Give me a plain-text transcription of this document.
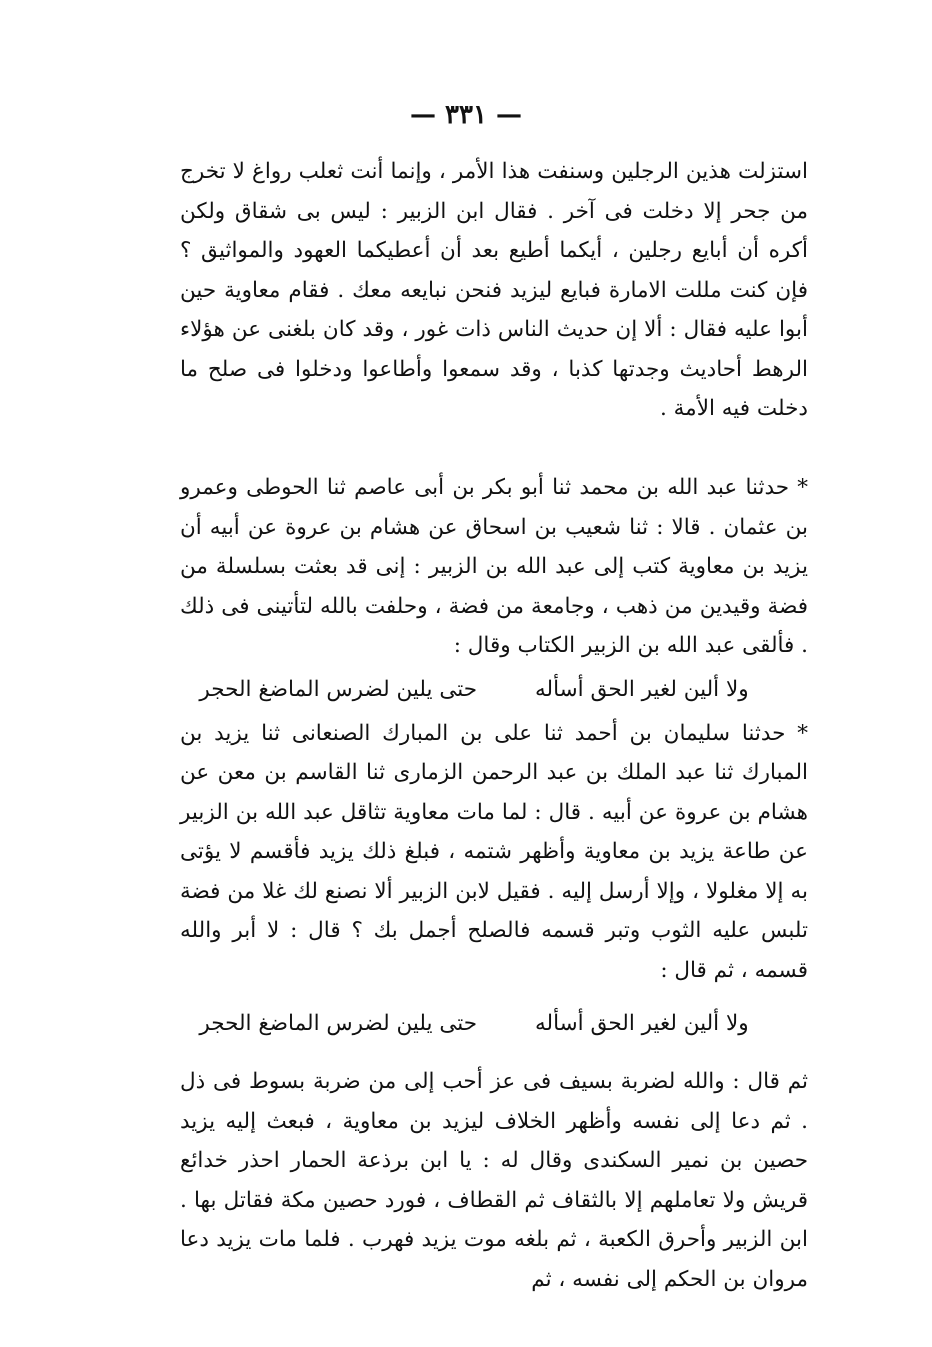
— ٣٣١ —

استزلت هذين الرجلين وسنفت هذا الأمر ، وإنما أنت ثعلب رواغ لا تخرج من جحر إلا دخلت فى آخر . فقال ابن الزبير : ليس بى شقاق ولكن أكره أن أبايع رجلين ، أيكما أطيع بعد أن أعطيكما العهود والمواثيق ؟ فإن كنت مللت الامارة فبايع ليزيد فنحن نبايعه معك . فقام معاوية حين أبوا عليه فقال : ألا إن حديث الناس ذات غور ، وقد كان بلغنى عن هؤلاء الرهط أحاديث وجدتها كذبا ، وقد سمعوا وأطاعوا ودخلوا فى صلح ما دخلت فيه الأمة .

* حدثنا عبد الله بن محمد ثنا أبو بكر بن أبى عاصم ثنا الحوطى وعمرو بن عثمان . قالا : ثنا شعيب بن اسحاق عن هشام بن عروة عن أبيه أن يزيد بن معاوية كتب إلى عبد الله بن الزبير : إنى قد بعثت بسلسلة من فضة وقيدين من ذهب ، وجامعة من فضة ، وحلفت بالله لتأتينى فى ذلك . فألقى عبد الله بن الزبير الكتاب وقال :

ولا ألين لغير الحق أسأله
حتى يلين لضرس الماضغ الحجر

* حدثنا سليمان بن أحمد ثنا على بن المبارك الصنعانى ثنا يزيد بن المبارك ثنا عبد الملك بن عبد الرحمن الزمارى ثنا القاسم بن معن عن هشام بن عروة عن أبيه . قال : لما مات معاوية تثاقل عبد الله بن الزبير عن طاعة يزيد بن معاوية وأظهر شتمه ، فبلغ ذلك يزيد فأقسم لا يؤتى به إلا مغلولا ، وإلا أرسل إليه . فقيل لابن الزبير ألا نصنع لك غلا من فضة تلبس عليه الثوب وتبر قسمه فالصلح أجمل بك ؟ قال : لا أبر والله قسمه ، ثم قال :

ولا ألين لغير الحق أسأله
حتى يلين لضرس الماضغ الحجر

ثم قال : والله لضربة بسيف فى عز أحب إلى من ضربة بسوط فى ذل . ثم دعا إلى نفسه وأظهر الخلاف ليزيد بن معاوية ، فبعث إليه يزيد حصين بن نمير السكندى وقال له : يا ابن برذعة الحمار احذر خدائع قريش ولا تعاملهم إلا بالثقاف ثم القطاف ، فورد حصين مكة فقاتل بها . ابن الزبير وأحرق الكعبة ، ثم بلغه موت يزيد فهرب . فلما مات يزيد دعا مروان بن الحكم إلى نفسه ، ثم
